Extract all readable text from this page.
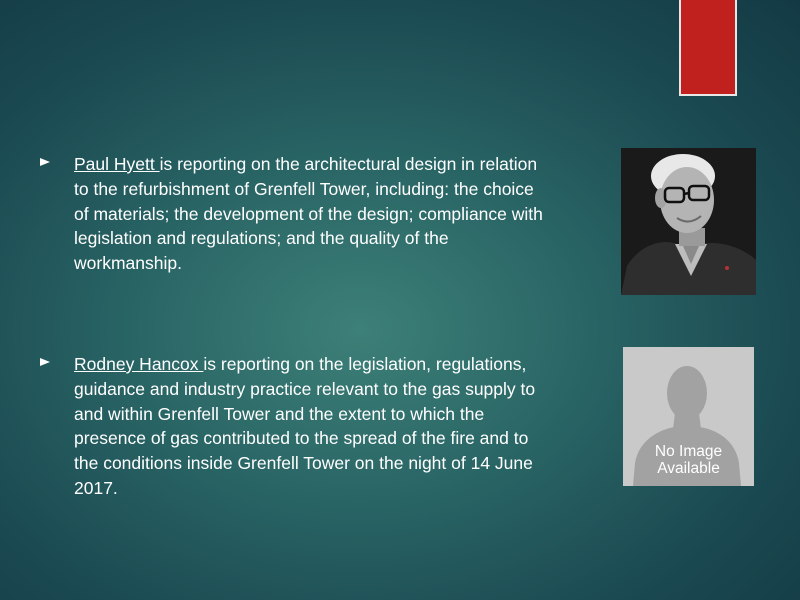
Paul Hyett is reporting on the architectural design in relation to the refurbishment of Grenfell Tower, including: the choice of materials; the development of the design; compliance with legislation and regulations; and the quality of the workmanship.

Rodney Hancox is reporting on the legislation, regulations, guidance and industry practice relevant to the gas supply to and within Grenfell Tower and the extent to which the presence of gas contributed to the spread of the fire and to the conditions inside Grenfell Tower on the night of 14 June 2017.

No Image
Available
